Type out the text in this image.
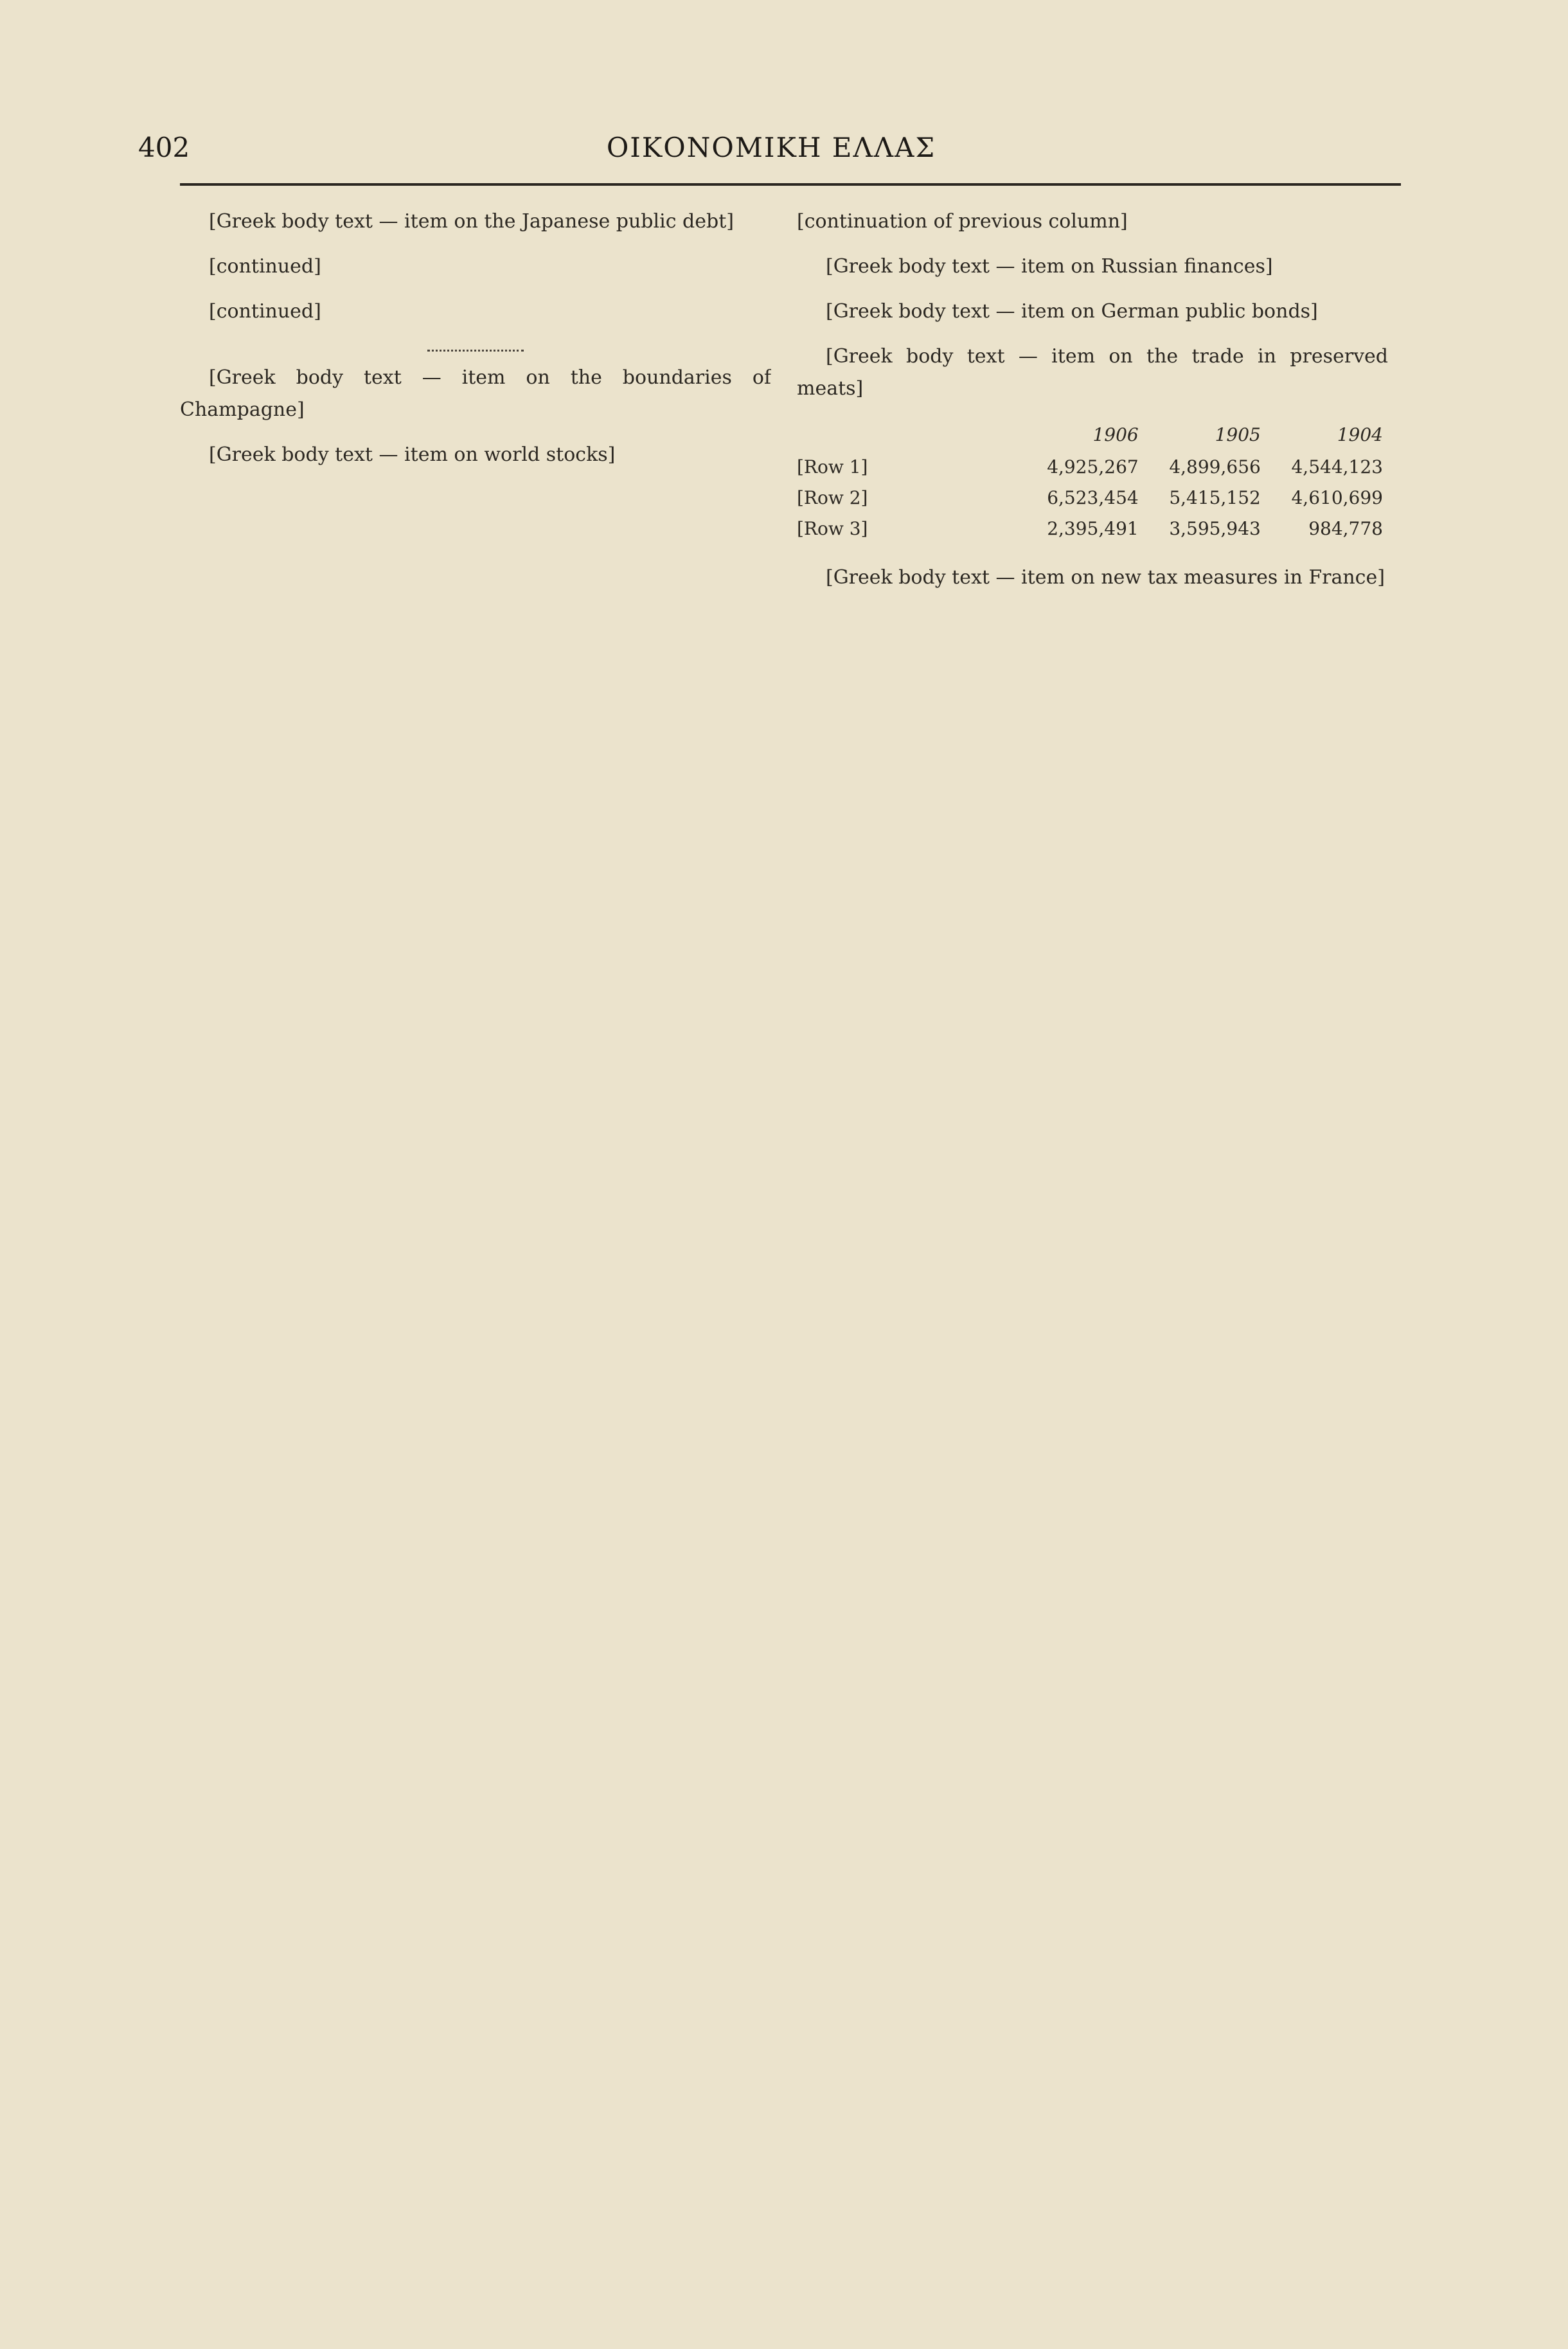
402	ΟΙΚΟΝΟΜΙΚΗ ΕΛΛΑΣ

[Greek body text — item on the Japanese public debt]

[continued]

[continued]

[Greek body text — item on the boundaries of Champagne]

[Greek body text — item on world stocks]

[continuation of previous column]

[Greek body text — item on Russian finances]

[Greek body text — item on German public bonds]

[Greek body text — item on the trade in preserved meats]

	1906	1905	1904
[Row 1]	4,925,267	4,899,656	4,544,123
[Row 2]	6,523,454	5,415,152	4,610,699
[Row 3]	2,395,491	3,595,943	984,778

[Greek body text — item on new tax measures in France]
